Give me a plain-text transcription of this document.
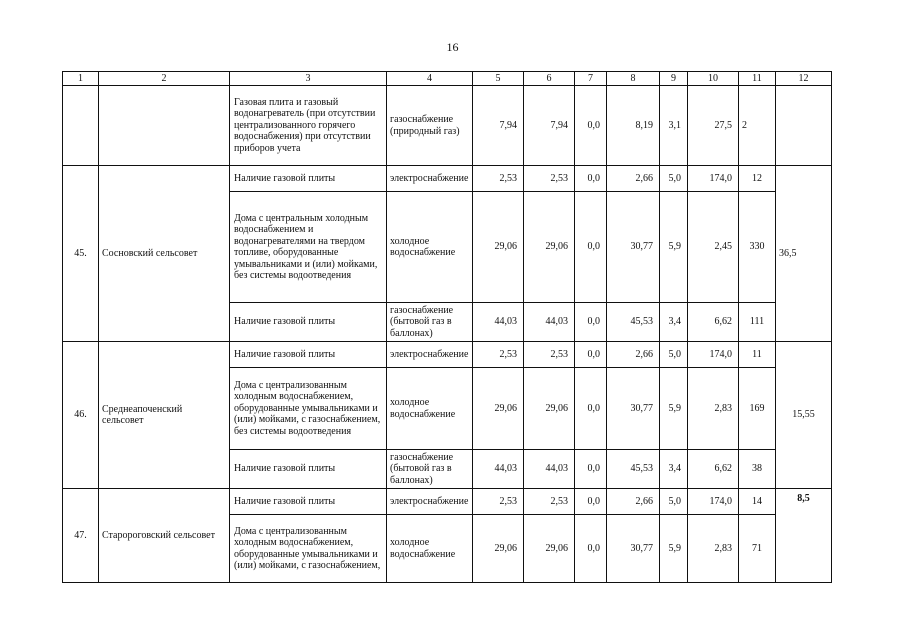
16
1	2	3	4	5	6	7	8	9	10	11	12
		Газовая плита и газовый водонагреватель (при отсутствии централизованного горячего водоснабжения) при отсутствии приборов учета	газоснабжение (природный газ)	7,94	7,94	0,0	8,19	3,1	27,5	2	
45.	Сосновский сельсовет	Наличие газовой плиты	электроснабжение	2,53	2,53	0,0	2,66	5,0	174,0	12	36,5
		Дома с центральным холодным водоснабжением и водонагревателями на твердом топливе, оборудованные умывальниками и (или) мойками, без системы водоотведения	холодное водоснабжение	29,06	29,06	0,0	30,77	5,9	2,45	330	
		Наличие газовой плиты	газоснабжение (бытовой газ в баллонах)	44,03	44,03	0,0	45,53	3,4	6,62	111	
46.	Среднеапоченский сельсовет	Наличие газовой плиты	электроснабжение	2,53	2,53	0,0	2,66	5,0	174,0	11	15,55
		Дома с централизованным холодным водоснабжением, оборудованные умывальниками и (или) мойками, с газоснабжением, без системы водоотведения	холодное водоснабжение	29,06	29,06	0,0	30,77	5,9	2,83	169	
		Наличие газовой плиты	газоснабжение (бытовой газ в баллонах)	44,03	44,03	0,0	45,53	3,4	6,62	38	
47.	Старороговский сельсовет	Наличие газовой плиты	электроснабжение	2,53	2,53	0,0	2,66	5,0	174,0	14	8,5
		Дома с централизованным холодным водоснабжением, оборудованные умывальниками и (или) мойками, с газоснабжением,	холодное водоснабжение	29,06	29,06	0,0	30,77	5,9	2,83	71	
